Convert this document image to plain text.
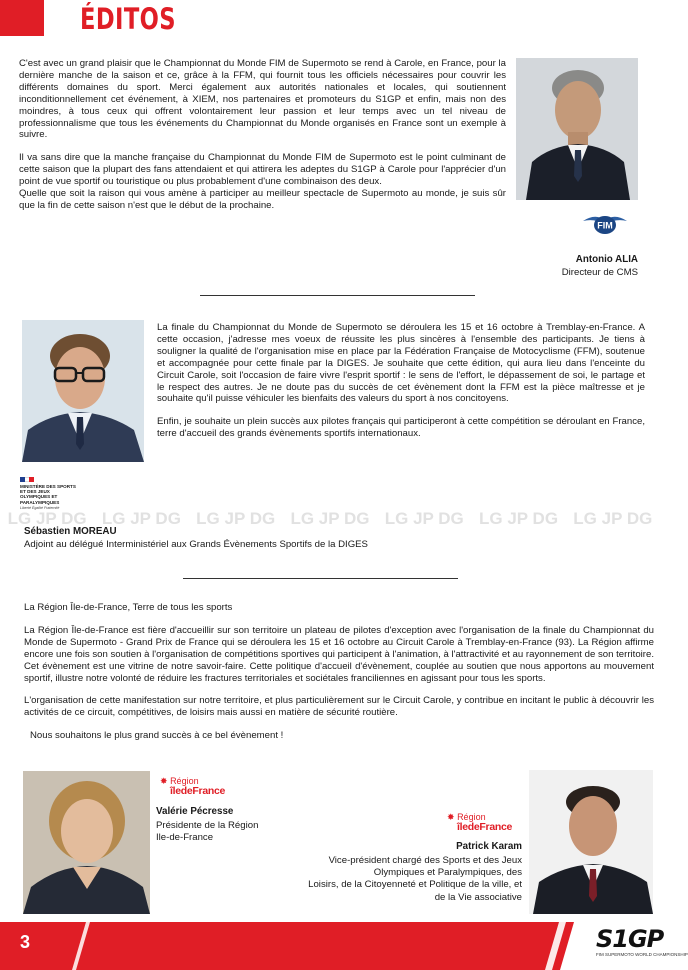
ÉDITOS

C'est avec un grand plaisir que le Championnat du Monde FIM de Supermoto se rend à Carole, en France, pour la dernière manche de la saison et ce, grâce à la FFM, qui fournit tous les officiels nécessaires pour couvrir les différents domaines du sport. Merci également aux autorités nationales et locales, qui soutiennent inconditionnellement cet événement, à XIEM, nos partenaires et promoteurs du S1GP et enfin, mais non des moindres, à tous ceux qui offrent volontairement leur passion et leur temps avec un tel niveau de professionnalisme que tous les événements du Championnat du Monde organisés en France sont un exemple à suivre.

Il va sans dire que la manche française du Championnat du Monde FIM de Supermoto est le point culminant de cette saison que la plupart des fans attendaient et qui attirera les adeptes du S1GP à Carole pour l'apprécier d'un point de vue sportif ou touristique ou plus probablement d'une combinaison des deux.

Quelle que soit la raison qui vous amène à participer au meilleur spectacle de Supermoto au monde, je suis sûr que la fin de cette saison n'est que le début de la prochaine.

FIM
Antonio ALIA
Directeur de CMS

La finale du Championnat du Monde de Supermoto se déroulera les 15 et 16 octobre à Tremblay-en-France. A cette occasion, j'adresse mes voeux de réussite les plus sincères à l'ensemble des participants. Je tiens à souligner la qualité de l'organisation mise en place par la Fédération Française de Motocyclisme (FFM), soutenue et accompagnée pour cette finale par la DIGES. Je souhaite que cette édition, qui aura lieu dans l'enceinte du Circuit Carole, soit l'occasion de faire vivre l'esprit sportif : le sens de l'effort, le dépassement de soi, le partage et le respect des autres. Je ne doute pas du succès de cet évènement dont la FFM est la pièce maîtresse et je souhaite qu'il puisse véhiculer les bienfaits des valeurs du sport à nos concitoyens.

Enfin, je souhaite un plein succès aux pilotes français qui participeront à cette compétition se déroulant en France, terre d'accueil des grands évènements sportifs internationaux.

MINISTÈRE DES SPORTS ET DES JEUX OLYMPIQUES ET PARALYMPIQUES
Liberté Égalité Fraternité
LG JP DG LG JP DG LG JP DG LG JP DG LG JP DG LG JP DG LG JP DG
Sébastien MOREAU
Adjoint au délégué Interministériel aux Grands Évènements Sportifs de la DIGES

La Région Île-de-France, Terre de tous les sports

La Région Île-de-France est fière d'accueillir sur son territoire un plateau de pilotes d'exception avec l'organisation de la finale du Championnat du Monde de Supermoto - Grand Prix de France qui se déroulera les 15 et 16 octobre au Circuit Carole à Tremblay-en-France (93). La Région affirme encore une fois son soutien à l'organisation de compétitions sportives qui participent à l'animation, à l'attractivité et au rayonnement de son territoire. Cet évènement est une vitrine de notre savoir-faire. Cette politique d'accueil d'évènement, couplée au soutien que nous apportons au mouvement sportif, illustre notre volonté de réduire les fractures territoriales et sociétales franciliennes en agissant pour tous les sports.

L'organisation de cette manifestation sur notre territoire, et plus particulièrement sur le Circuit Carole, y contribue en incitant le public à découvrir les activités de ce circuit, compétitives, de loisirs mais aussi en matière de sécurité routière.

Nous souhaitons le plus grand succès à ce bel évènement !

✸ Région
îledeFrance
Valérie Pécresse
Présidente de la Région
Ile-de-France
✸ Région
îledeFrance
Patrick Karam
Vice-président chargé des Sports et des Jeux
Olympiques et Paralympiques, des
Loisirs, de la Citoyenneté et Politique de la ville, et
de la Vie associative
3	S1GP
FIM SUPERMOTO WORLD CHAMPIONSHIP
